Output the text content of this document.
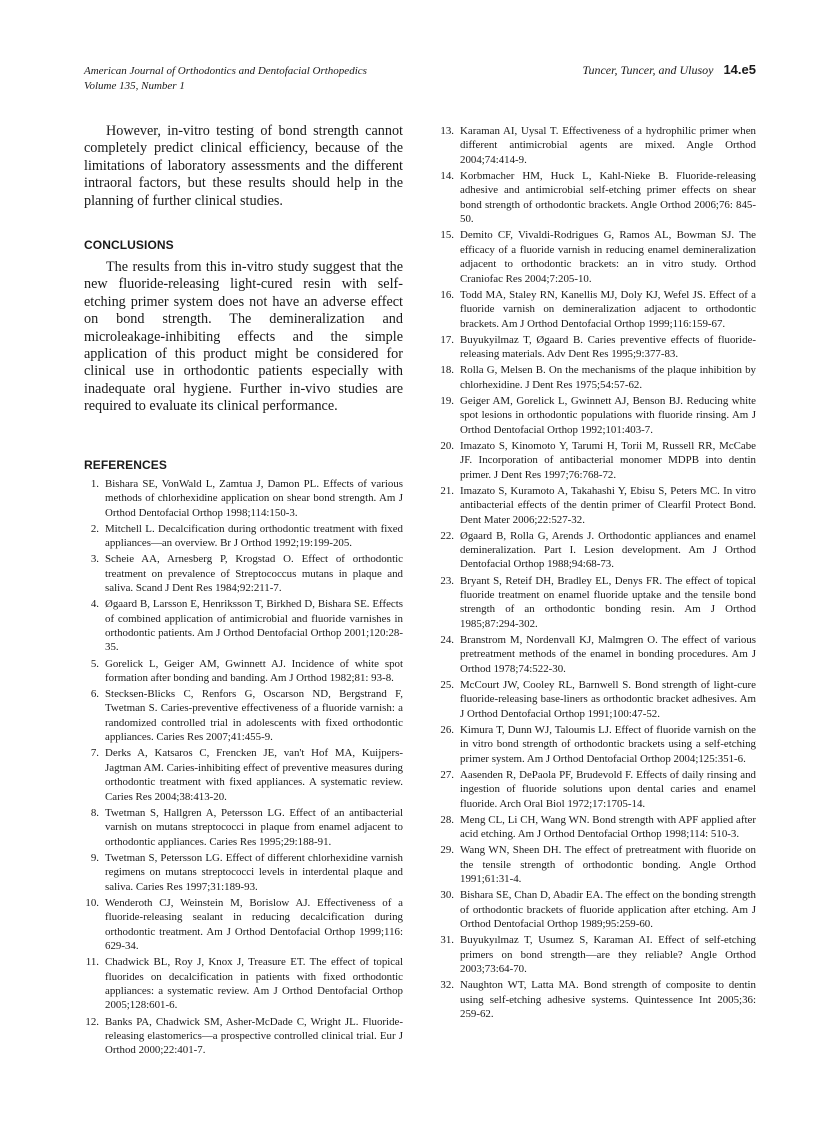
American Journal of Orthodontics and Dentofacial Orthopedics
Volume 135, Number 1
Tuncer, Tuncer, and Ulusoy 14.e5

However, in-vitro testing of bond strength cannot completely predict clinical efficiency, because of the limitations of laboratory assessments and the different intraoral factors, but these results should help in the planning of further clinical studies.

CONCLUSIONS

The results from this in-vitro study suggest that the new fluoride-releasing light-cured resin with self-etching primer system does not have an adverse effect on bond strength. The demineralization and microleakage-inhibiting effects and the simple application of this product might be considered for clinical use in orthodontic patients especially with inadequate oral hygiene. Further in-vivo studies are required to evaluate its clinical performance.

REFERENCES
1. Bishara SE, VonWald L, Zamtua J, Damon PL. Effects of various methods of chlorhexidine application on shear bond strength. Am J Orthod Dentofacial Orthop 1998;114:150-3.
2. Mitchell L. Decalcification during orthodontic treatment with fixed appliances—an overview. Br J Orthod 1992;19:199-205.
3. Scheie AA, Arnesberg P, Krogstad O. Effect of orthodontic treatment on prevalence of Streptococcus mutans in plaque and saliva. Scand J Dent Res 1984;92:211-7.
4. Øgaard B, Larsson E, Henriksson T, Birkhed D, Bishara SE. Effects of combined application of antimicrobial and fluoride varnishes in orthodontic patients. Am J Orthod Dentofacial Orthop 2001;120:28-35.
5. Gorelick L, Geiger AM, Gwinnett AJ. Incidence of white spot formation after bonding and banding. Am J Orthod 1982;81: 93-8.
6. Stecksen-Blicks C, Renfors G, Oscarson ND, Bergstrand F, Twetman S. Caries-preventive effectiveness of a fluoride varnish: a randomized controlled trial in adolescents with fixed orthodontic appliances. Caries Res 2007;41:455-9.
7. Derks A, Katsaros C, Frencken JE, van't Hof MA, Kuijpers-Jagtman AM. Caries-inhibiting effect of preventive measures during orthodontic treatment with fixed appliances. A systematic review. Caries Res 2004;38:413-20.
8. Twetman S, Hallgren A, Petersson LG. Effect of an antibacterial varnish on mutans streptococci in plaque from enamel adjacent to orthodontic appliances. Caries Res 1995;29:188-91.
9. Twetman S, Petersson LG. Effect of different chlorhexidine varnish regimens on mutans streptococci levels in interdental plaque and saliva. Caries Res 1997;31:189-93.
10. Wenderoth CJ, Weinstein M, Borislow AJ. Effectiveness of a fluoride-releasing sealant in reducing decalcification during orthodontic treatment. Am J Orthod Dentofacial Orthop 1999;116: 629-34.
11. Chadwick BL, Roy J, Knox J, Treasure ET. The effect of topical fluorides on decalcification in patients with fixed orthodontic appliances: a systematic review. Am J Orthod Dentofacial Orthop 2005;128:601-6.
12. Banks PA, Chadwick SM, Asher-McDade C, Wright JL. Fluoride-releasing elastomerics—a prospective controlled clinical trial. Eur J Orthod 2000;22:401-7.
13. Karaman AI, Uysal T. Effectiveness of a hydrophilic primer when different antimicrobial agents are mixed. Angle Orthod 2004;74:414-9.
14. Korbmacher HM, Huck L, Kahl-Nieke B. Fluoride-releasing adhesive and antimicrobial self-etching primer effects on shear bond strength of orthodontic brackets. Angle Orthod 2006;76: 845-50.
15. Demito CF, Vivaldi-Rodrigues G, Ramos AL, Bowman SJ. The efficacy of a fluoride varnish in reducing enamel demineralization adjacent to orthodontic brackets: an in vitro study. Orthod Craniofac Res 2004;7:205-10.
16. Todd MA, Staley RN, Kanellis MJ, Doly KJ, Wefel JS. Effect of a fluoride varnish on demineralization adjacent to orthodontic brackets. Am J Orthod Dentofacial Orthop 1999;116:159-67.
17. Buyukyilmaz T, Øgaard B. Caries preventive effects of fluoride-releasing materials. Adv Dent Res 1995;9:377-83.
18. Rolla G, Melsen B. On the mechanisms of the plaque inhibition by chlorhexidine. J Dent Res 1975;54:57-62.
19. Geiger AM, Gorelick L, Gwinnett AJ, Benson BJ. Reducing white spot lesions in orthodontic populations with fluoride rinsing. Am J Orthod Dentofacial Orthop 1992;101:403-7.
20. Imazato S, Kinomoto Y, Tarumi H, Torii M, Russell RR, McCabe JF. Incorporation of antibacterial monomer MDPB into dentin primer. J Dent Res 1997;76:768-72.
21. Imazato S, Kuramoto A, Takahashi Y, Ebisu S, Peters MC. In vitro antibacterial effects of the dentin primer of Clearfil Protect Bond. Dent Mater 2006;22:527-32.
22. Øgaard B, Rolla G, Arends J. Orthodontic appliances and enamel demineralization. Part I. Lesion development. Am J Orthod Dentofacial Orthop 1988;94:68-73.
23. Bryant S, Reteif DH, Bradley EL, Denys FR. The effect of topical fluoride treatment on enamel fluoride uptake and the tensile bond strength of an orthodontic bonding resin. Am J Orthod 1985;87:294-302.
24. Branstrom M, Nordenvall KJ, Malmgren O. The effect of various pretreatment methods of the enamel in bonding procedures. Am J Orthod 1978;74:522-30.
25. McCourt JW, Cooley RL, Barnwell S. Bond strength of light-cure fluoride-releasing base-liners as orthodontic bracket adhesives. Am J Orthod Dentofacial Orthop 1991;100:47-52.
26. Kimura T, Dunn WJ, Taloumis LJ. Effect of fluoride varnish on the in vitro bond strength of orthodontic brackets using a self-etching primer system. Am J Orthod Dentofacial Orthop 2004;125:351-6.
27. Aasenden R, DePaola PF, Brudevold F. Effects of daily rinsing and ingestion of fluoride solutions upon dental caries and enamel fluoride. Arch Oral Biol 1972;17:1705-14.
28. Meng CL, Li CH, Wang WN. Bond strength with APF applied after acid etching. Am J Orthod Dentofacial Orthop 1998;114: 510-3.
29. Wang WN, Sheen DH. The effect of pretreatment with fluoride on the tensile strength of orthodontic bonding. Angle Orthod 1991;61:31-4.
30. Bishara SE, Chan D, Abadir EA. The effect on the bonding strength of orthodontic brackets of fluoride application after etching. Am J Orthod Dentofacial Orthop 1989;95:259-60.
31. Buyukyılmaz T, Usumez S, Karaman AI. Effect of self-etching primers on bond strength—are they reliable? Angle Orthod 2003;73:64-70.
32. Naughton WT, Latta MA. Bond strength of composite to dentin using self-etching adhesive systems. Quintessence Int 2005;36: 259-62.
